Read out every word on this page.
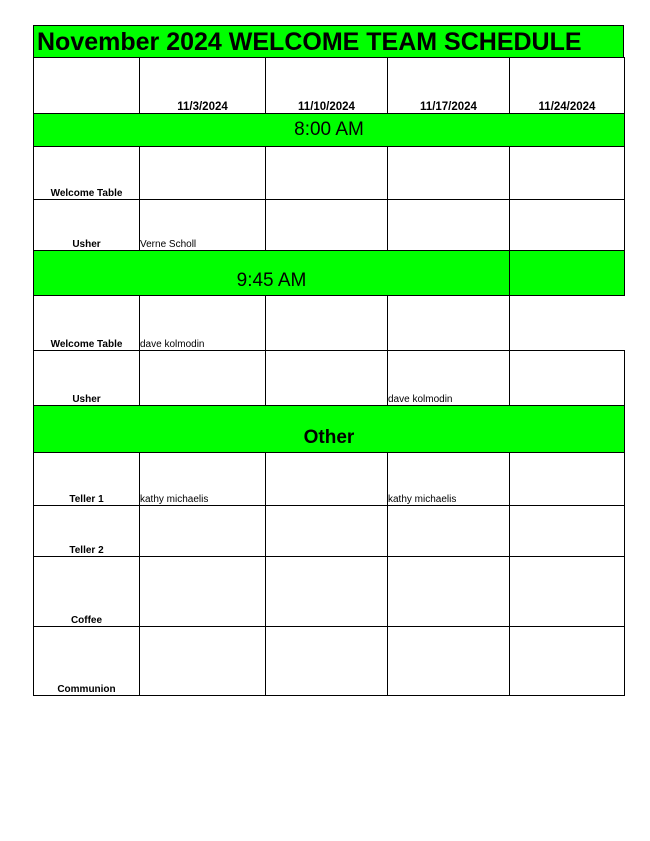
November 2024 WELCOME TEAM SCHEDULE
	11/3/2024	11/10/2024	11/17/2024	11/24/2024
8:00 AM				
Welcome Table				
Usher	Verne Scholl			
9:45 AM				
Welcome Table	dave kolmodin			
Usher			dave kolmodin	
Other				
Teller 1	kathy michaelis		kathy michaelis	
Teller 2				
Coffee				
Communion				
